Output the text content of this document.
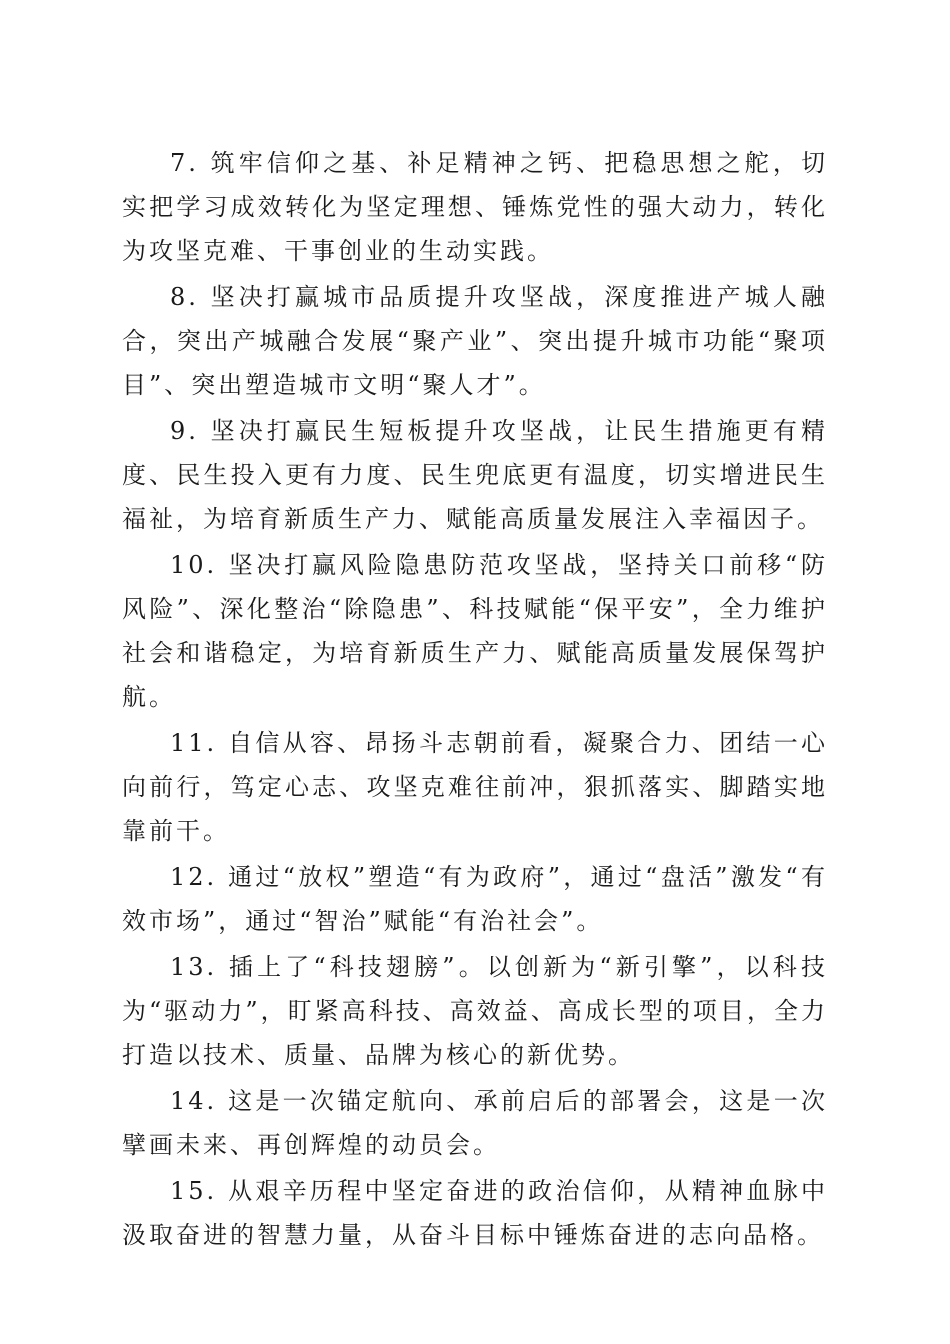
7. 筑牢信仰之基、补足精神之钙、把稳思想之舵，切实把学习成效转化为坚定理想、锤炼党性的强大动力，转化为攻坚克难、干事创业的生动实践。

8. 坚决打赢城市品质提升攻坚战，深度推进产城人融合，突出产城融合发展“聚产业”、突出提升城市功能“聚项目”、突出塑造城市文明“聚人才”。

9. 坚决打赢民生短板提升攻坚战，让民生措施更有精度、民生投入更有力度、民生兜底更有温度，切实增进民生福祉，为培育新质生产力、赋能高质量发展注入幸福因子。

10. 坚决打赢风险隐患防范攻坚战，坚持关口前移“防风险”、深化整治“除隐患”、科技赋能“保平安”，全力维护社会和谐稳定，为培育新质生产力、赋能高质量发展保驾护航。

11. 自信从容、昂扬斗志朝前看，凝聚合力、团结一心向前行，笃定心志、攻坚克难往前冲，狠抓落实、脚踏实地靠前干。

12. 通过“放权”塑造“有为政府”，通过“盘活”激发“有效市场”，通过“智治”赋能“有治社会”。

13. 插上了“科技翅膀”。以创新为“新引擎”，以科技为“驱动力”，盯紧高科技、高效益、高成长型的项目，全力打造以技术、质量、品牌为核心的新优势。

14. 这是一次锚定航向、承前启后的部署会，这是一次擘画未来、再创辉煌的动员会。

15. 从艰辛历程中坚定奋进的政治信仰，从精神血脉中汲取奋进的智慧力量，从奋斗目标中锤炼奋进的志向品格。
